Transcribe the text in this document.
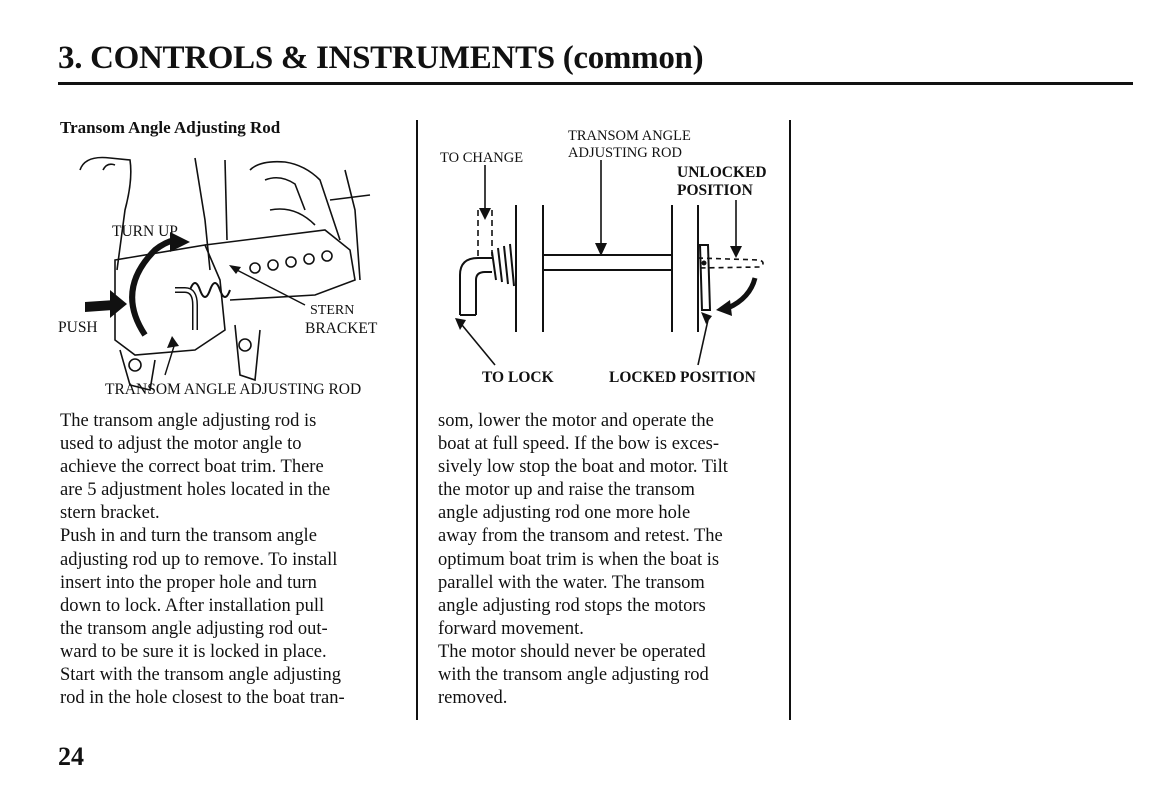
3. CONTROLS & INSTRUMENTS (common)
Transom Angle Adjusting Rod
TURN UP
PUSH
STERN
BRACKET
TRANSOM ANGLE ADJUSTING ROD
TO CHANGE
TRANSOM ANGLE
ADJUSTING ROD
UNLOCKED
POSITION
TO LOCK	LOCKED POSITION

The transom angle adjusting rod is

used to adjust the motor angle to

achieve the correct boat trim. There

are 5 adjustment holes located in the

stern bracket.

Push in and turn the transom angle

adjusting rod up to remove. To install

insert into the proper hole and turn

down to lock. After installation pull

the transom angle adjusting rod out-

ward to be sure it is locked in place.

Start with the transom angle adjusting

rod in the hole closest to the boat tran-

som, lower the motor and operate the

boat at full speed. If the bow is exces-

sively low stop the boat and motor. Tilt

the motor up and raise the transom

angle adjusting rod one more hole

away from the transom and retest. The

optimum boat trim is when the boat is

parallel with the water. The transom

angle adjusting rod stops the motors

forward movement.

The motor should never be operated

with the transom angle adjusting rod

removed.

24
